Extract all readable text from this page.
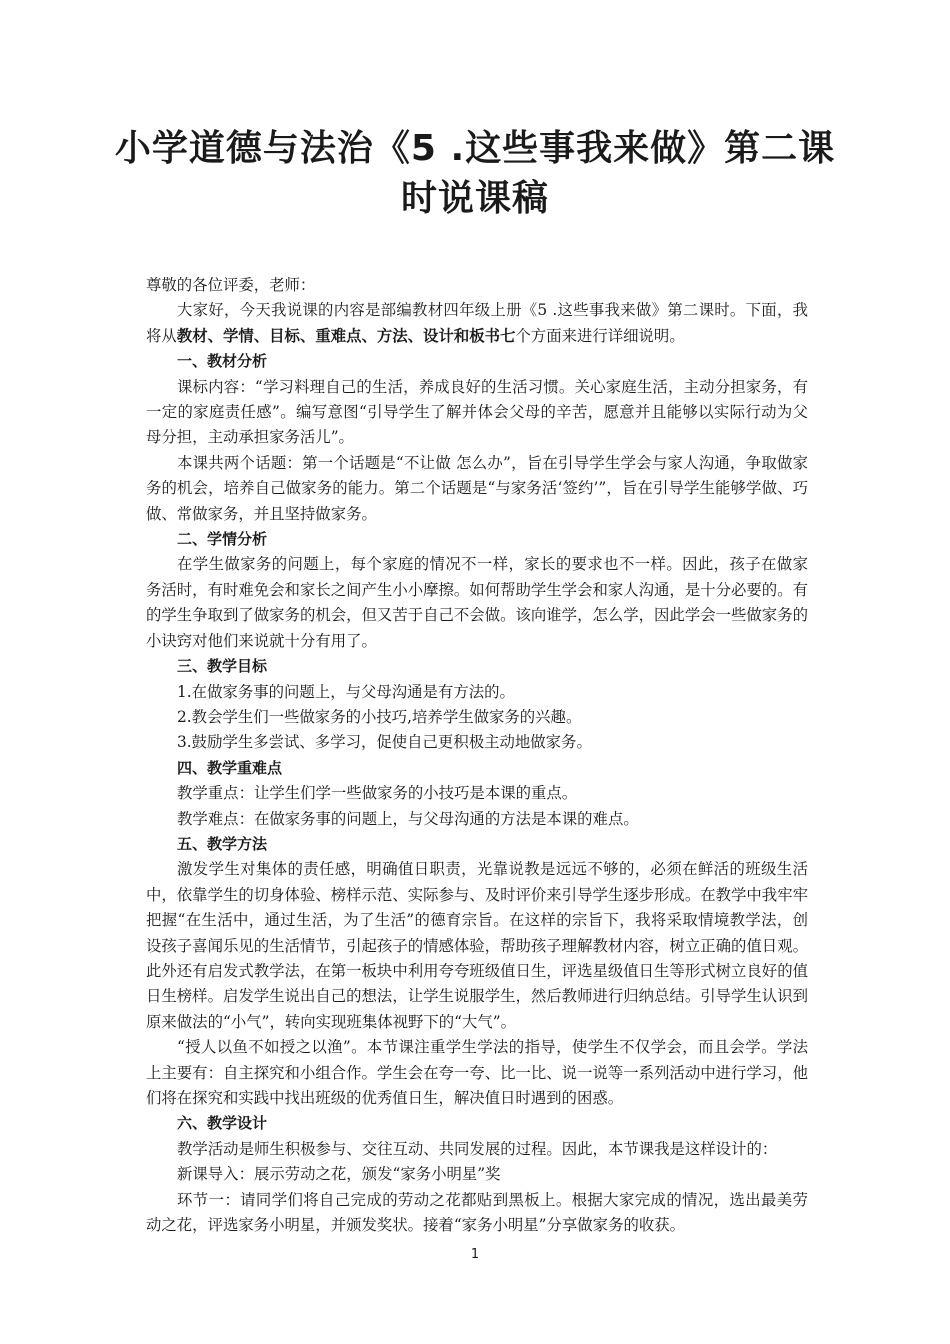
小学道德与法治《5 .这些事我来做》第二课
时说课稿

尊敬的各位评委，老师：

大家好，今天我说课的内容是部编教材四年级上册《5 .这些事我来做》第二课时。下面，我将从教材、学情、目标、重难点、方法、设计和板书七个方面来进行详细说明。

一、教材分析

课标内容：“学习料理自己的生活，养成良好的生活习惯。关心家庭生活，主动分担家务，有一定的家庭责任感”。编写意图“引导学生了解并体会父母的辛苦，愿意并且能够以实际行动为父母分担，主动承担家务活儿”。

本课共两个话题：第一个话题是“不让做 怎么办”，旨在引导学生学会与家人沟通，争取做家务的机会，培养自己做家务的能力。第二个话题是“与家务活‘签约’”，旨在引导学生能够学做、巧做、常做家务，并且坚持做家务。

二、学情分析

在学生做家务的问题上，每个家庭的情况不一样，家长的要求也不一样。因此，孩子在做家务活时，有时难免会和家长之间产生小小摩擦。如何帮助学生学会和家人沟通，是十分必要的。有的学生争取到了做家务的机会，但又苦于自己不会做。该向谁学，怎么学，因此学会一些做家务的小诀窍对他们来说就十分有用了。

三、教学目标

1.在做家务事的问题上，与父母沟通是有方法的。

2.教会学生们一些做家务的小技巧,培养学生做家务的兴趣。

3.鼓励学生多尝试、多学习，促使自己更积极主动地做家务。

四、教学重难点

教学重点：让学生们学一些做家务的小技巧是本课的重点。

教学难点：在做家务事的问题上，与父母沟通的方法是本课的难点。

五、教学方法

激发学生对集体的责任感，明确值日职责，光靠说教是远远不够的，必须在鲜活的班级生活中，依靠学生的切身体验、榜样示范、实际参与、及时评价来引导学生逐步形成。在教学中我牢牢把握“在生活中，通过生活，为了生活”的德育宗旨。在这样的宗旨下，我将采取情境教学法，创设孩子喜闻乐见的生活情节，引起孩子的情感体验，帮助孩子理解教材内容，树立正确的值日观。此外还有启发式教学法，在第一板块中利用夸夸班级值日生，评选星级值日生等形式树立良好的值日生榜样。启发学生说出自己的想法，让学生说服学生，然后教师进行归纳总结。引导学生认识到原来做法的“小气”，转向实现班集体视野下的“大气”。

“授人以鱼不如授之以渔”。本节课注重学生学法的指导，使学生不仅学会，而且会学。学法上主要有：自主探究和小组合作。学生会在夸一夸、比一比、说一说等一系列活动中进行学习，他们将在探究和实践中找出班级的优秀值日生，解决值日时遇到的困惑。

六、教学设计

教学活动是师生积极参与、交往互动、共同发展的过程。因此，本节课我是这样设计的：

新课导入：展示劳动之花，颁发“家务小明星”奖

环节一：请同学们将自己完成的劳动之花都贴到黑板上。根据大家完成的情况，选出最美劳动之花，评选家务小明星，并颁发奖状。接着“家务小明星”分享做家务的收获。

1
